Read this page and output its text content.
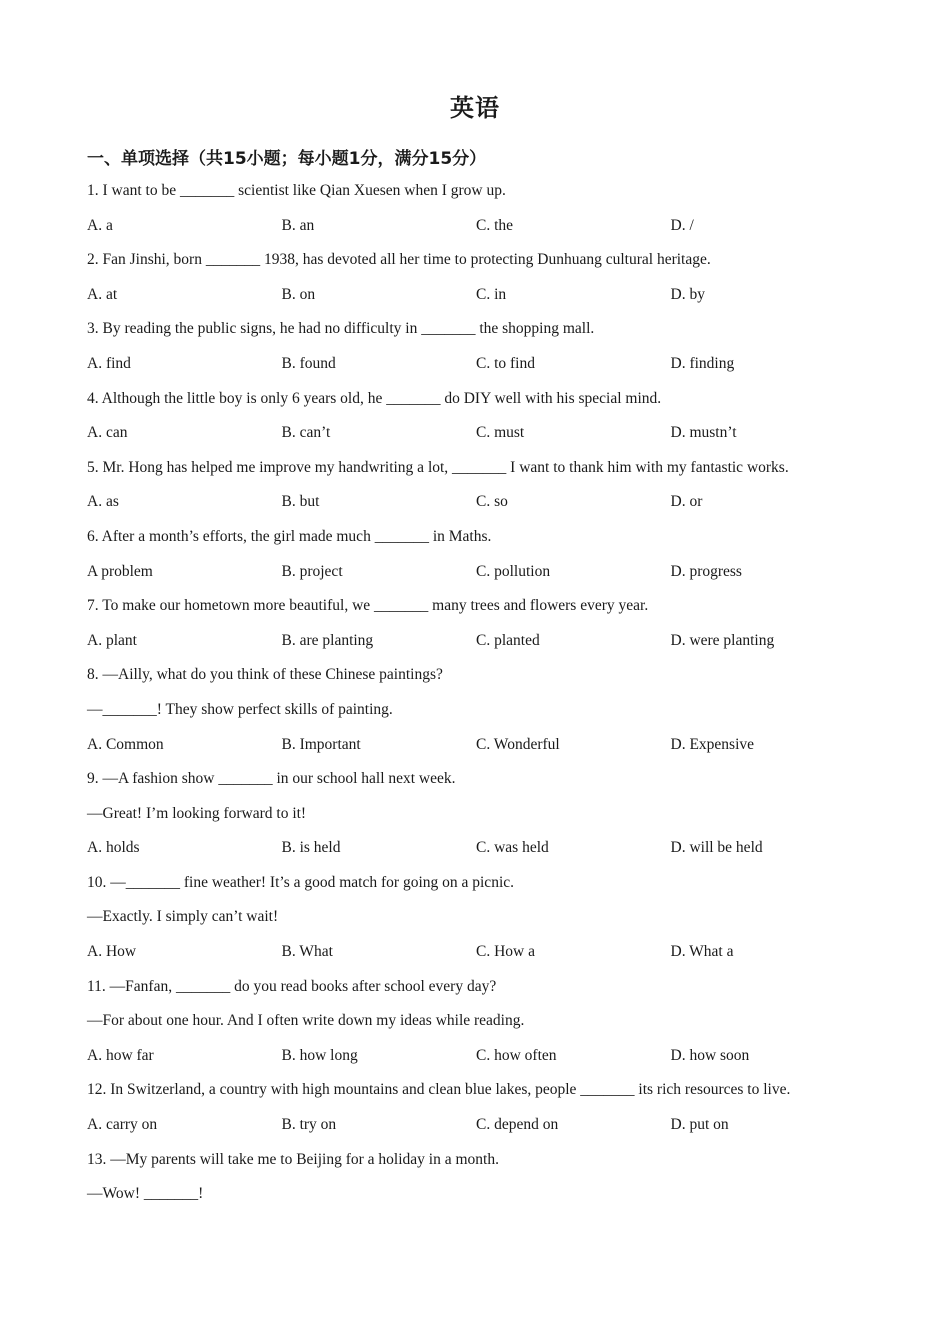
英语
一、单项选择（共15小题；每小题1分，满分15分）
1. I want to be _______ scientist like Qian Xuesen when I grow up.
A. a	B. an	C. the	D. /
2. Fan Jinshi, born _______ 1938, has devoted all her time to protecting Dunhuang cultural heritage.
A. at	B. on	C. in	D. by
3. By reading the public signs, he had no difficulty in _______ the shopping mall.
A. find	B. found	C. to find	D. finding
4. Although the little boy is only 6 years old, he _______ do DIY well with his special mind.
A. can	B. can’t	C. must	D. mustn’t
5. Mr. Hong has helped me improve my handwriting a lot, _______ I want to thank him with my fantastic works.
A. as	B. but	C. so	D. or
6. After a month’s efforts, the girl made much _______ in Maths.
A problem	B. project	C. pollution	D. progress
7. To make our hometown more beautiful, we _______ many trees and flowers every year.
A. plant	B. are planting	C. planted	D. were planting
8. —Ailly, what do you think of these Chinese paintings?
—_______! They show perfect skills of painting.
A. Common	B. Important	C. Wonderful	D. Expensive
9. —A fashion show _______ in our school hall next week.
—Great! I’m looking forward to it!
A. holds	B. is held	C. was held	D. will be held
10. —_______ fine weather! It’s a good match for going on a picnic.
—Exactly. I simply can’t wait!
A. How	B. What	C. How a	D. What a
11. —Fanfan, _______ do you read books after school every day?
—For about one hour. And I often write down my ideas while reading.
A. how far	B. how long	C. how often	D. how soon
12. In Switzerland, a country with high mountains and clean blue lakes, people _______ its rich resources to live.
A. carry on	B. try on	C. depend on	D. put on
13. —My parents will take me to Beijing for a holiday in a month.
—Wow! _______!
